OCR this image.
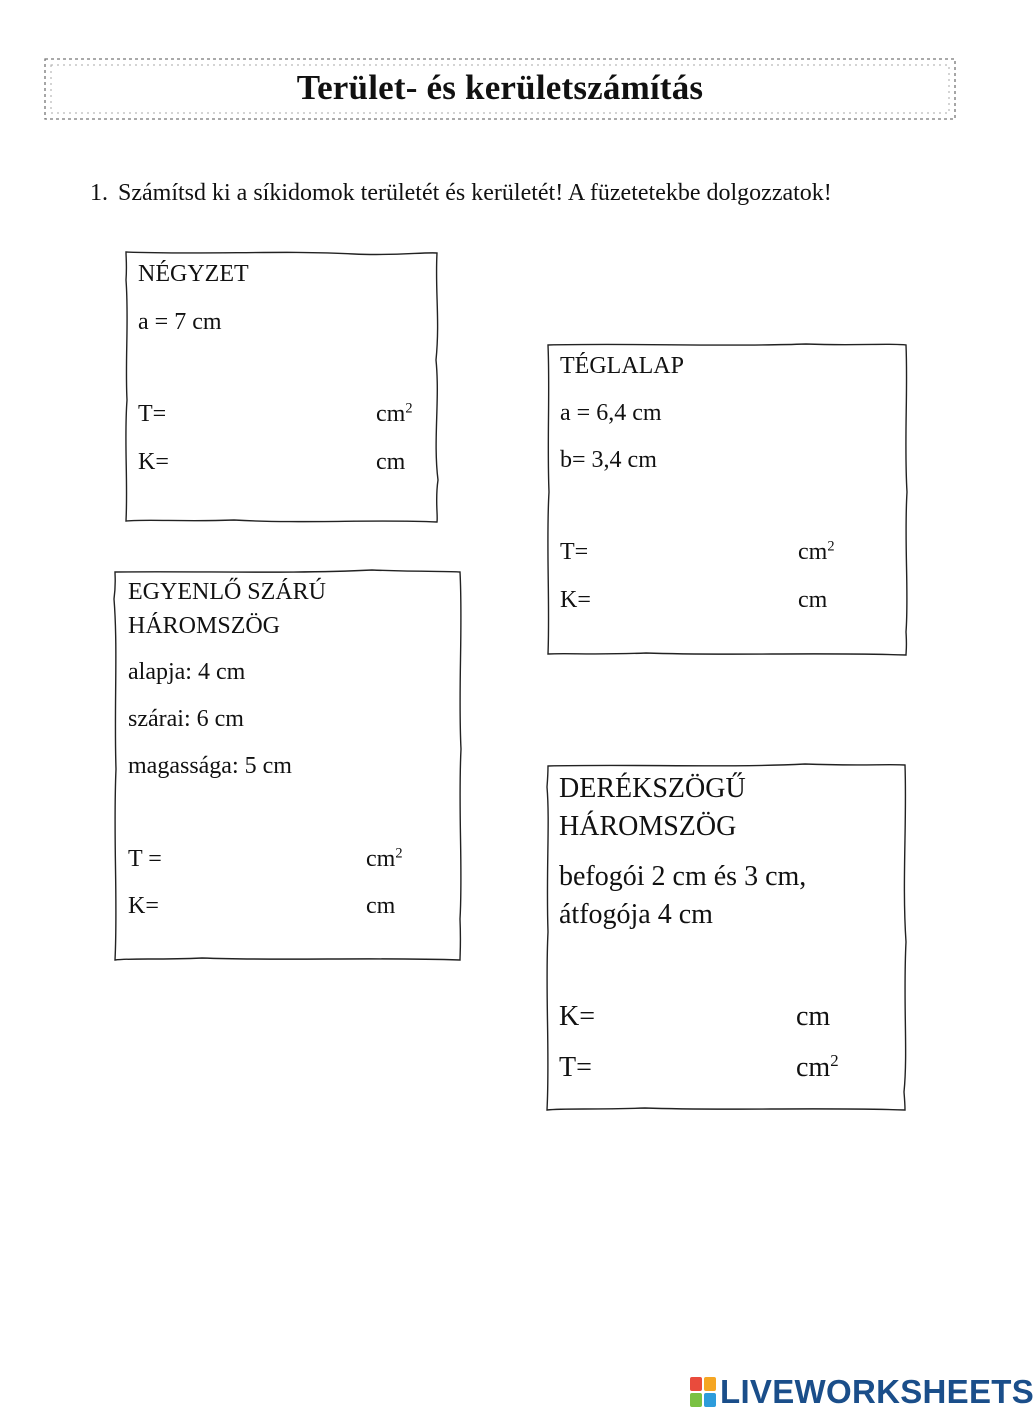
Terület- és kerületszámítás
1. Számítsd ki a síkidomok területét és kerületét! A füzetetekbe dolgozzatok!
NÉGYZET
a = 7 cm
T=	$cm^2$
K=	cm
TÉGLALAP
a = 6,4 cm
b= 3,4 cm
T=	$cm^2$
K=	cm
EGYENLŐ SZÁRÚ
HÁROMSZÖG
alapja: 4 cm
szárai: 6 cm
magassága: 5 cm
T =	$cm^2$
K=	cm
DERÉKSZÖGŰ
HÁROMSZÖG
befogói 2 cm és 3 cm,
átfogója 4 cm
K=	cm
T=	$cm^2$
LIVEWORKSHEETS
